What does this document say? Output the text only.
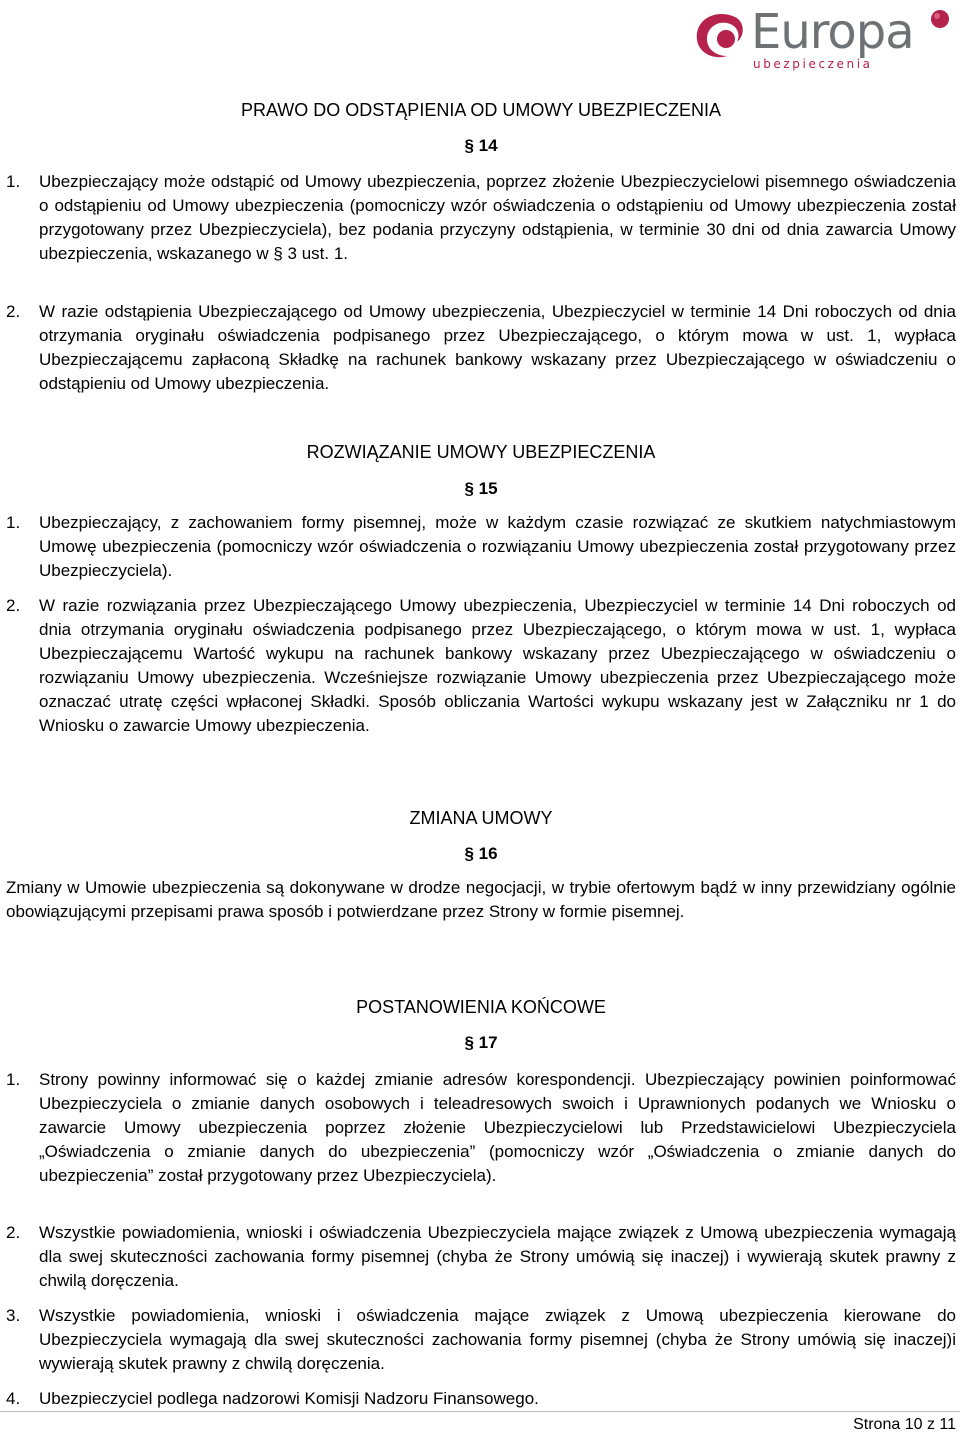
Europa
ubezpieczenia
PRAWO DO ODSTĄPIENIA OD UMOWY UBEZPIECZENIA
§ 14
1. Ubezpieczający może odstąpić od Umowy ubezpieczenia, poprzez złożenie Ubezpieczycielowi pisemnego oświadczenia o odstąpieniu od Umowy ubezpieczenia (pomocniczy wzór oświadczenia o odstąpieniu od Umowy ubezpieczenia został przygotowany przez Ubezpieczyciela), bez podania przyczyny odstąpienia, w terminie 30 dni od dnia zawarcia Umowy ubezpieczenia, wskazanego w § 3 ust. 1.
2. W razie odstąpienia Ubezpieczającego od Umowy ubezpieczenia, Ubezpieczyciel w terminie 14 Dni roboczych od dnia otrzymania oryginału oświadczenia podpisanego przez Ubezpieczającego, o którym mowa w ust. 1, wypłaca Ubezpieczającemu zapłaconą Składkę na rachunek bankowy wskazany przez Ubezpieczającego w oświadczeniu o odstąpieniu od Umowy ubezpieczenia.
ROZWIĄZANIE UMOWY UBEZPIECZENIA
§ 15
1. Ubezpieczający, z zachowaniem formy pisemnej, może w każdym czasie rozwiązać ze skutkiem natychmiastowym Umowę ubezpieczenia (pomocniczy wzór oświadczenia o rozwiązaniu Umowy ubezpieczenia został przygotowany przez Ubezpieczyciela).
2. W razie rozwiązania przez Ubezpieczającego Umowy ubezpieczenia, Ubezpieczyciel w terminie 14 Dni roboczych od dnia otrzymania oryginału oświadczenia podpisanego przez Ubezpieczającego, o którym mowa w ust. 1, wypłaca Ubezpieczającemu Wartość wykupu na rachunek bankowy wskazany przez Ubezpieczającego w oświadczeniu o rozwiązaniu Umowy ubezpieczenia. Wcześniejsze rozwiązanie Umowy ubezpieczenia przez Ubezpieczającego może oznaczać utratę części wpłaconej Składki. Sposób obliczania Wartości wykupu wskazany jest w Załączniku nr 1 do Wniosku o zawarcie Umowy ubezpieczenia.
ZMIANA UMOWY
§ 16
Zmiany w Umowie ubezpieczenia są dokonywane w drodze negocjacji, w trybie ofertowym bądź w inny przewidziany ogólnie obowiązującymi przepisami prawa sposób i potwierdzane przez Strony w formie pisemnej.
POSTANOWIENIA KOŃCOWE
§ 17
1. Strony powinny informować się o każdej zmianie adresów korespondencji. Ubezpieczający powinien poinformować Ubezpieczyciela o zmianie danych osobowych i teleadresowych swoich i Uprawnionych podanych we Wniosku o zawarcie Umowy ubezpieczenia poprzez złożenie Ubezpieczycielowi lub Przedstawicielowi Ubezpieczyciela „Oświadczenia o zmianie danych do ubezpieczenia” (pomocniczy wzór „Oświadczenia o zmianie danych do ubezpieczenia” został przygotowany przez Ubezpieczyciela).
2. Wszystkie powiadomienia, wnioski i oświadczenia Ubezpieczyciela mające związek z Umową ubezpieczenia wymagają dla swej skuteczności zachowania formy pisemnej (chyba że Strony umówią się inaczej) i wywierają skutek prawny z chwilą doręczenia.
3. Wszystkie powiadomienia, wnioski i oświadczenia mające związek z Umową ubezpieczenia kierowane do Ubezpieczyciela wymagają dla swej skuteczności zachowania formy pisemnej (chyba że Strony umówią się inaczej)i wywierają skutek prawny z chwilą doręczenia.
4. Ubezpieczyciel podlega nadzorowi Komisji Nadzoru Finansowego.
Strona 10 z 11
